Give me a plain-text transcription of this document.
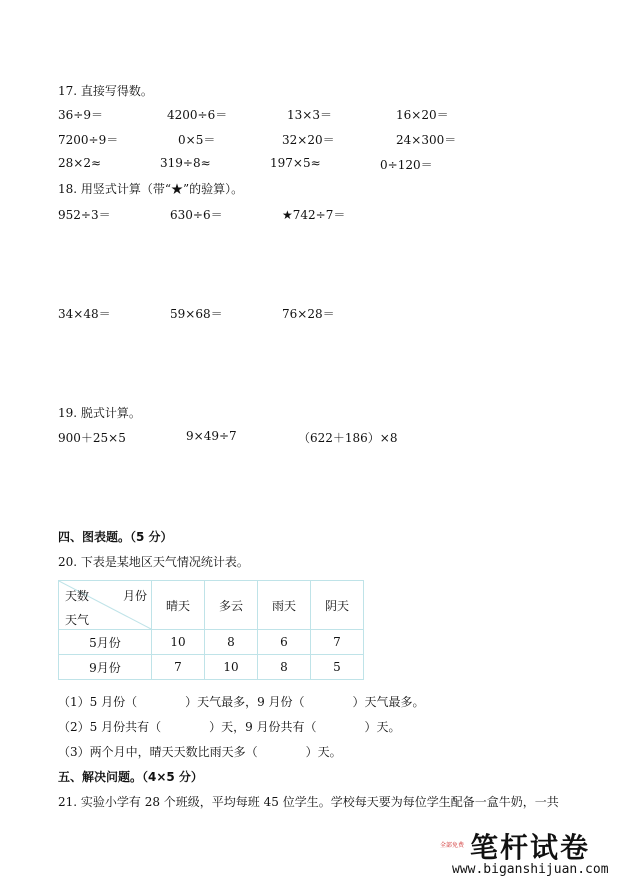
17. 直接写得数。
36÷9＝	4200÷6＝	13×3＝	16×20＝
7200÷9＝	0×5＝	32×20＝	24×300＝
28×2≈	319÷8≈	197×5≈	0÷120＝
18. 用竖式计算（带“★”的验算）。
952÷3＝	630÷6＝	★742÷7＝
34×48＝	59×68＝	76×28＝
19. 脱式计算。
900＋25×5	9×49÷7	（622＋186）×8
四、图表题。（5 分）
20. 下表是某地区天气情况统计表。
天数 月份
天气	晴天	多云	雨天	阴天
5月份	10	8	6	7
9月份	7	10	8	5
（1）5 月份（　　　　）天气最多，9 月份（　　　　）天气最多。
（2）5 月份共有（　　　　）天，9 月份共有（　　　　）天。
（3）两个月中，晴天天数比雨天多（　　　　）天。
五、解决问题。（4×5 分）
21. 实验小学有 28 个班级，平均每班 45 位学生。学校每天要为每位学生配备一盒牛奶，一共
全部免费 笔杆试卷
www.biganshijuan.com
